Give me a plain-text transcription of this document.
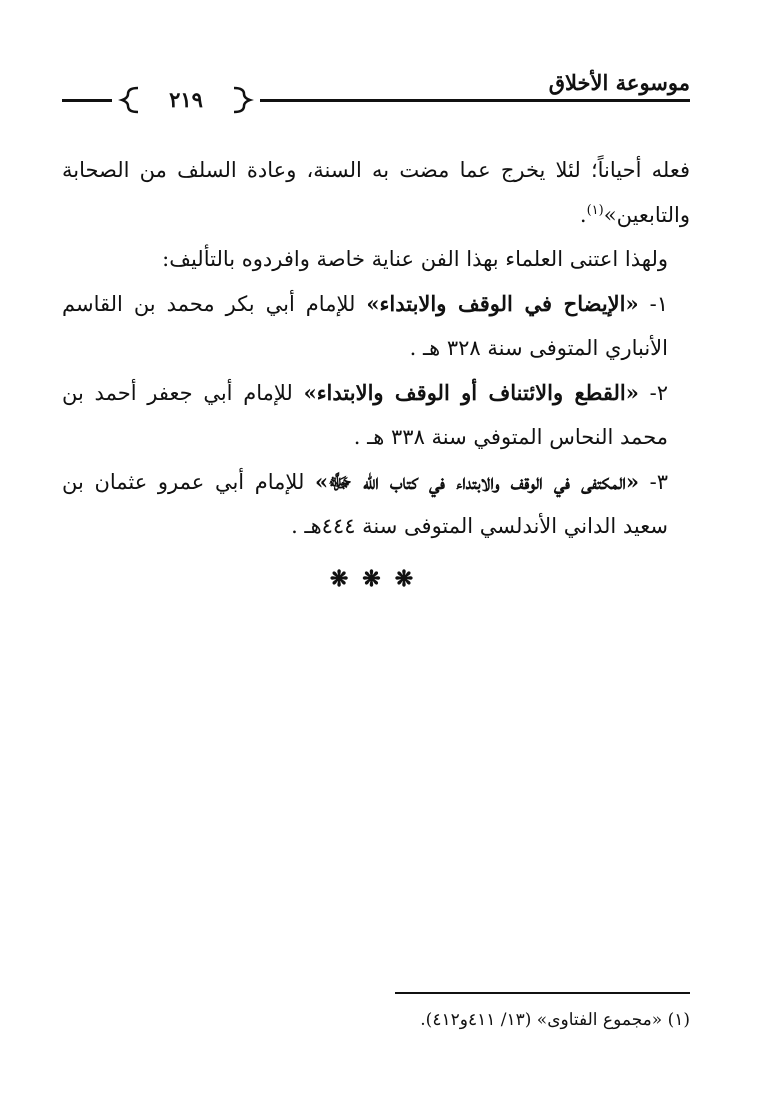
موسوعة الأخلاق
٢١٩

فعله أحياناً؛ لئلا يخرج عما مضت به السنة، وعادة السلف من الصحابة والتابعين»$^{(١)}$.

ولهذا اعتنى العلماء بهذا الفن عناية خاصة وافردوه بالتأليف:

١- «الإيضاح في الوقف والابتداء» للإمام أبي بكر محمد بن القاسم الأنباري المتوفى سنة ٣٢٨ هـ .

٢- «القطع والائتناف أو الوقف والابتداء» للإمام أبي جعفر أحمد بن محمد النحاس المتوفي سنة ٣٣٨ هـ .

٣- «المكتفى في الوقف والابتداء في كتاب الله ﷻ» للإمام أبي عمرو عثمان بن سعيد الداني الأندلسي المتوفى سنة ٤٤٤هـ .

❋❋❋
(١) «مجموع الفتاوى» (١٣/ ٤١١و٤١٢).
